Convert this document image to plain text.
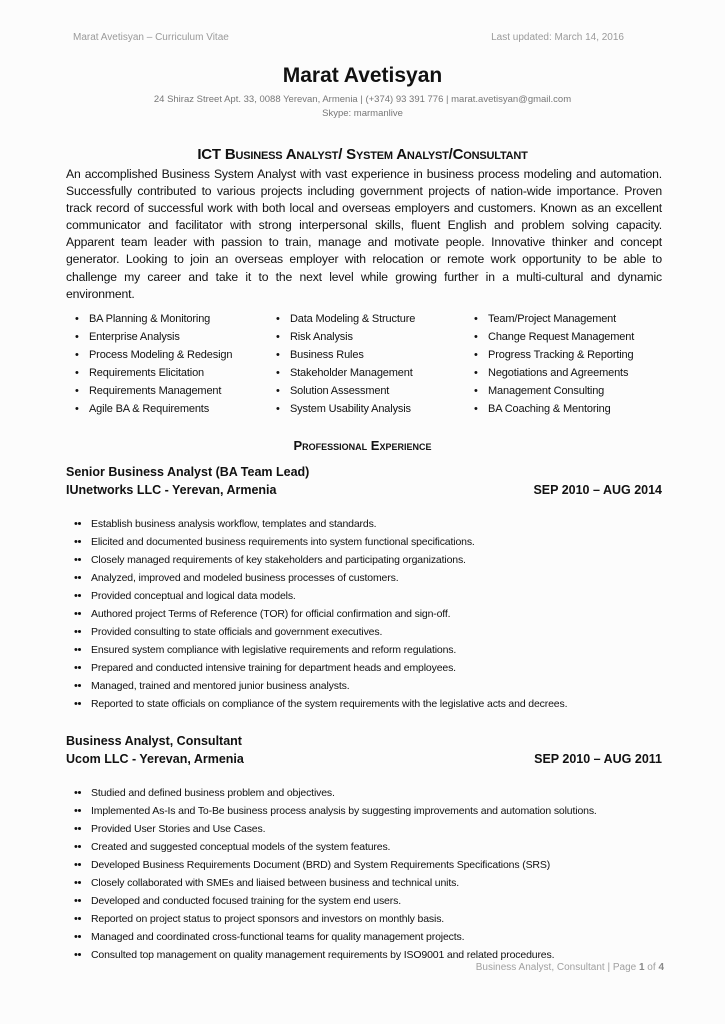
Marat Avetisyan – Curriculum Vitae	Last updated: March 14, 2016
Marat Avetisyan
24 Shiraz Street Apt. 33, 0088 Yerevan, Armenia | (+374) 93 391 776 | marat.avetisyan@gmail.com
Skype: marmanlive
ICT Business Analyst/ System Analyst/Consultant
An accomplished Business System Analyst with vast experience in business process modeling and automation. Successfully contributed to various projects including government projects of nation-wide importance. Proven track record of successful work with both local and overseas employers and customers. Known as an excellent communicator and facilitator with strong interpersonal skills, fluent English and problem solving capacity. Apparent team leader with passion to train, manage and motivate people. Innovative thinker and concept generator. Looking to join an overseas employer with relocation or remote work opportunity to be able to challenge my career and take it to the next level while growing further in a multi-cultural and dynamic environment.
• BA Planning & Monitoring
• Enterprise Analysis
• Process Modeling & Redesign
• Requirements Elicitation
• Requirements Management
• Agile BA & Requirements
• Data Modeling & Structure
• Risk Analysis
• Business Rules
• Stakeholder Management
• Solution Assessment
• System Usability Analysis
• Team/Project Management
• Change Request Management
• Progress Tracking & Reporting
• Negotiations and Agreements
• Management Consulting
• BA Coaching & Mentoring
Professional Experience
Senior Business Analyst (BA Team Lead)
IUnetworks LLC - Yerevan, Armenia	SEP 2010 – AUG 2014
• • Establish business analysis workflow, templates and standards.
• • Elicited and documented business requirements into system functional specifications.
• • Closely managed requirements of key stakeholders and participating organizations.
• • Analyzed, improved and modeled business processes of customers.
• • Provided conceptual and logical data models.
• • Authored project Terms of Reference (TOR) for official confirmation and sign-off.
• • Provided consulting to state officials and government executives.
• • Ensured system compliance with legislative requirements and reform regulations.
• • Prepared and conducted intensive training for department heads and employees.
• • Managed, trained and mentored junior business analysts.
• • Reported to state officials on compliance of the system requirements with the legislative acts and decrees.
Business Analyst, Consultant
Ucom LLC - Yerevan, Armenia	SEP 2010 – AUG 2011
• • Studied and defined business problem and objectives.
• • Implemented As-Is and To-Be business process analysis by suggesting improvements and automation solutions.
• • Provided User Stories and Use Cases.
• • Created and suggested conceptual models of the system features.
• • Developed Business Requirements Document (BRD) and System Requirements Specifications (SRS)
• • Closely collaborated with SMEs and liaised between business and technical units.
• • Developed and conducted focused training for the system end users.
• • Reported on project status to project sponsors and investors on monthly basis.
• • Managed and coordinated cross-functional teams for quality management projects.
• • Consulted top management on quality management requirements by ISO9001 and related procedures.
Business Analyst, Consultant | Page 1 of 4
